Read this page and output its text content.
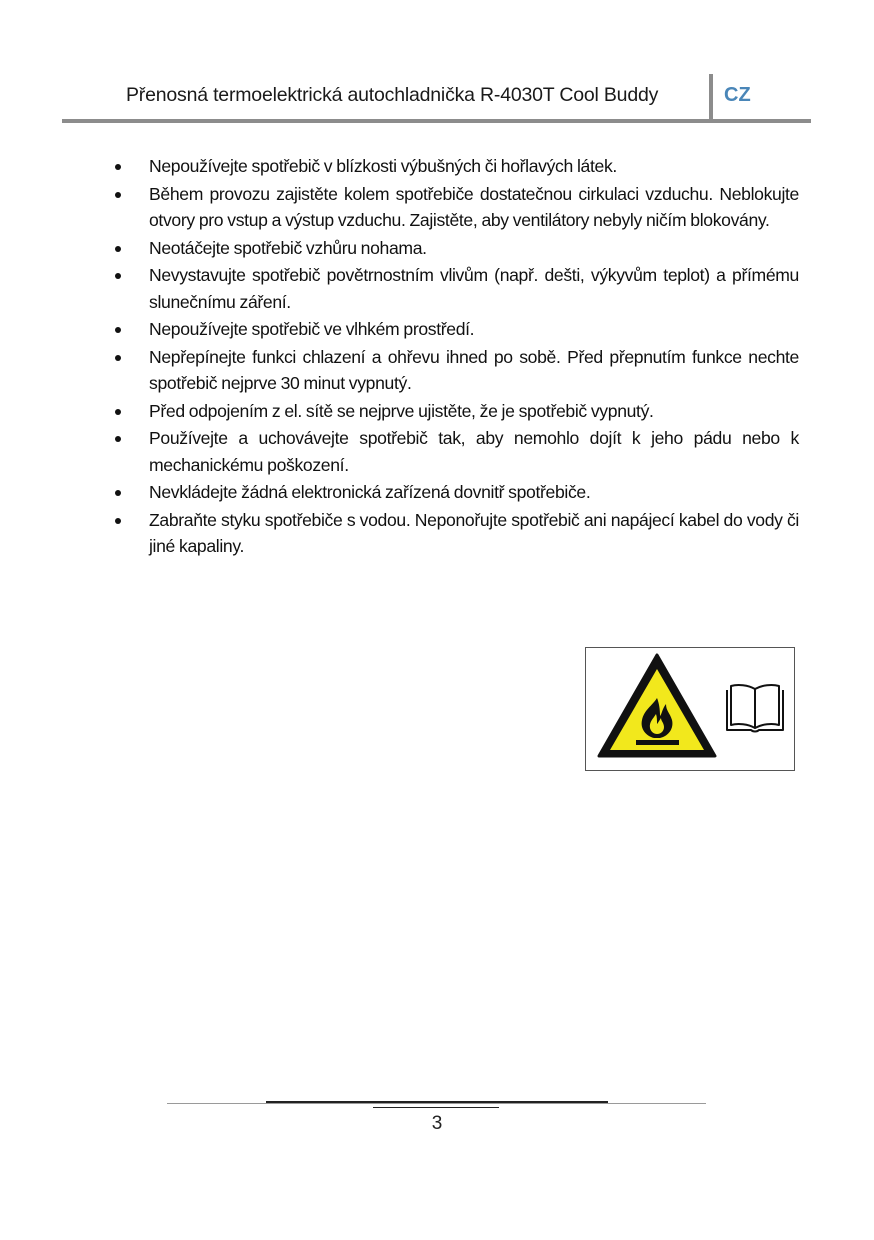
Přenosná termoelektrická autochladnička R-4030T Cool Buddy	CZ
Nepoužívejte spotřebič v blízkosti výbušných či hořlavých látek.
Během provozu zajistěte kolem spotřebiče dostatečnou cirkulaci vzduchu. Neblokujte otvory pro vstup a výstup vzduchu. Zajistěte, aby ventilátory nebyly ničím blokovány.
Neotáčejte spotřebič vzhůru nohama.
Nevystavujte spotřebič povětrnostním vlivům (např. dešti, výkyvům teplot) a přímému slunečnímu záření.
Nepoužívejte spotřebič ve vlhkém prostředí.
Nepřepínejte funkci chlazení a ohřevu ihned po sobě. Před přepnutím funkce nechte spotřebič nejprve 30 minut vypnutý.
Před odpojením z el. sítě se nejprve ujistěte, že je spotřebič vypnutý.
Používejte a uchovávejte spotřebič tak, aby nemohlo dojít k jeho pádu nebo k mechanickému poškození.
Nevkládejte žádná elektronická zařízená dovnitř spotřebiče.
Zabraňte styku spotřebiče s vodou. Neponořujte spotřebič ani napájecí kabel do vody či jiné kapaliny.
3
